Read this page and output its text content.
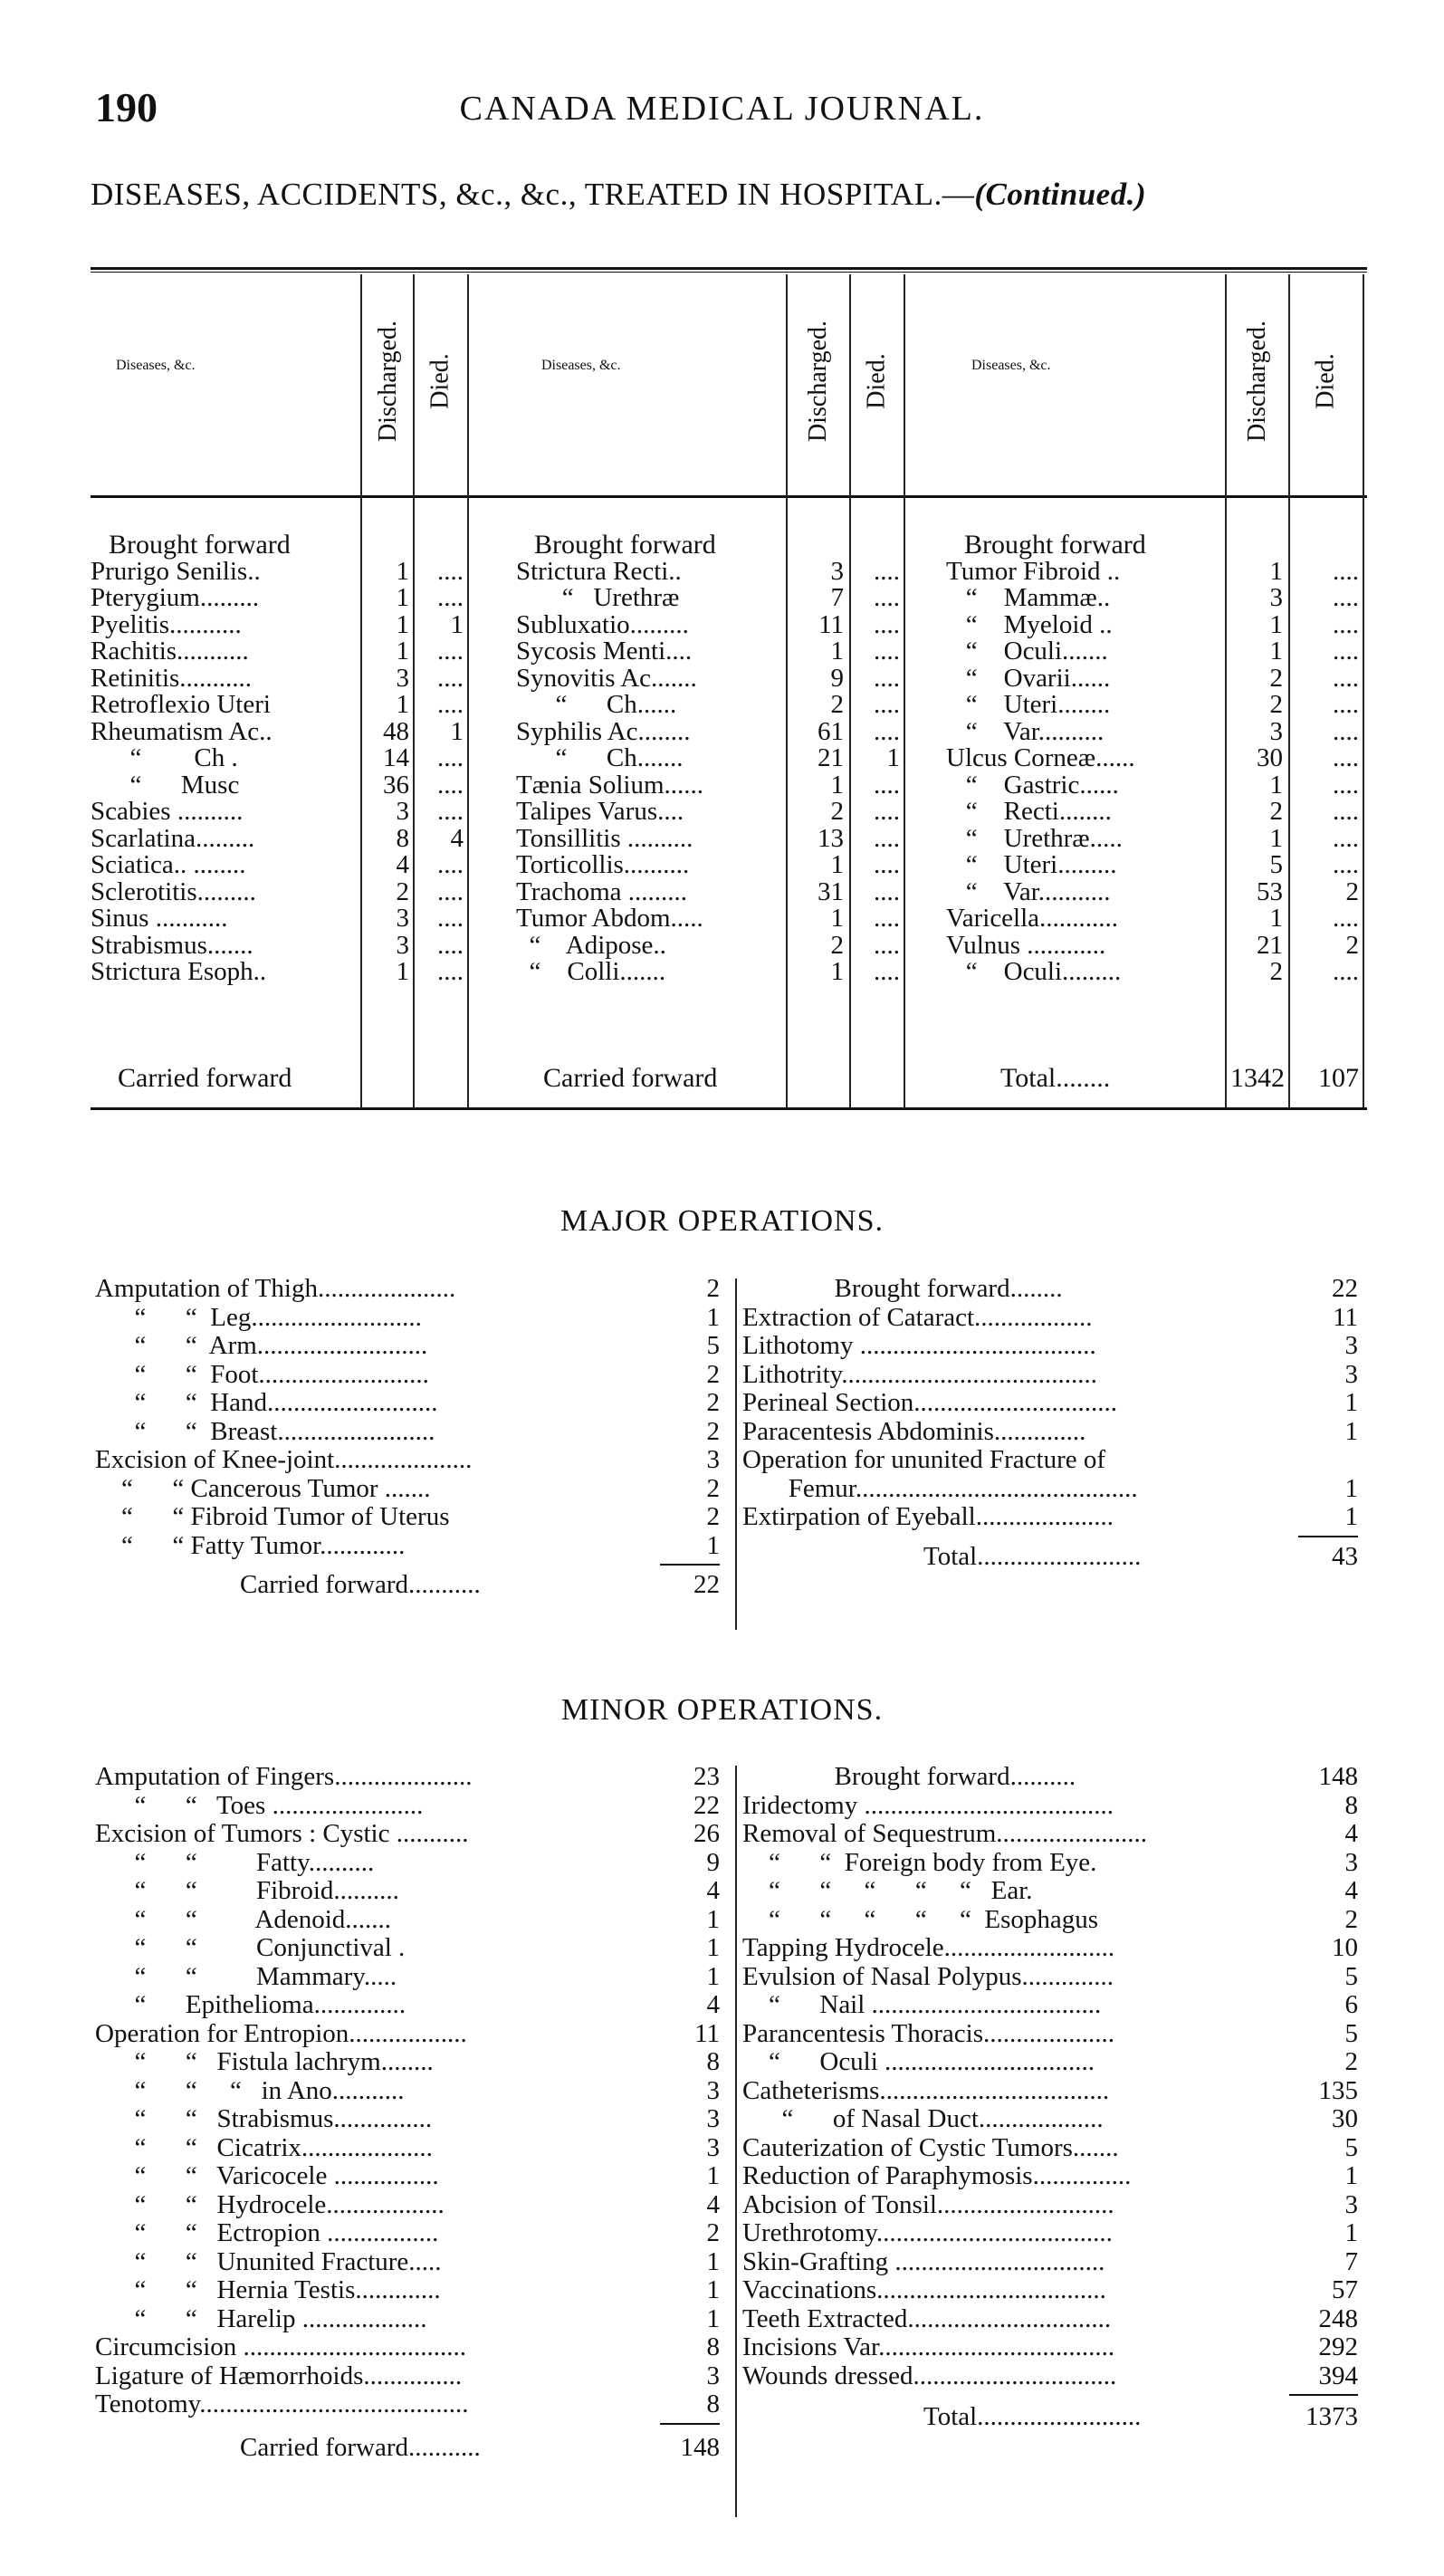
190	CANADA MEDICAL JOURNAL.
DISEASES, ACCIDENTS, &c., &c., TREATED IN HOSPITAL.—(Continued.)
Diseases, &c.	Discharged. Died.
Brought forward
Prurigo Senilis..	1	....
Pterygium.........	1	....
Pyelitis...........	1	1
Rachitis...........	1	....
Retinitis...........	3	....
Retroflexio Uteri	1	....
Rheumatism Ac..	48	1
“        Ch .	14	....
“      Musc	36	....
Scabies ..........	3	....
Scarlatina.........	8	4
Sciatica.. ........	4	....
Sclerotitis.........	2	....
Sinus ...........	3	....
Strabismus.......	3	....
Strictura Esoph..	1	....
Carried forward
Diseases, &c.	Discharged. Died.
Brought forward
Strictura Recti..	3	....
“   Urethræ	7	....
Subluxatio.........	11	....
Sycosis Menti....	1	....
Synovitis Ac.......	9	....
“      Ch......	2	....
Syphilis Ac........	61	....
“      Ch.......	21	1
Tænia Solium......	1	....
Talipes Varus....	2	....
Tonsillitis ..........	13	....
Torticollis..........	1	....
Trachoma .........	31	....
Tumor Abdom.....	1	....
“    Adipose..	2	....
“    Colli.......	1	....
Carried forward
Diseases, &c.	Discharged. Died.
Brought forward
Tumor Fibroid ..	1	....
“    Mammæ..	3	....
“    Myeloid ..	1	....
“    Oculi.......	1	....
“    Ovarii......	2	....
“    Uteri........	2	....
“    Var..........	3	....
Ulcus Corneæ......	30	....
“    Gastric......	1	....
“    Recti........	2	....
“    Urethræ.....	1	....
“    Uteri.........	5	....
“    Var...........	53	2
Varicella............	1	....
Vulnus ............	21	2
“    Oculi.........	2	....
Total........	1342	107
MAJOR OPERATIONS.
Amputation of Thigh.....................	2
“      “  Leg..........................	1
“      “  Arm..........................	5
“      “  Foot..........................	2
“      “  Hand..........................	2
“      “  Breast........................	2
Excision of Knee-joint.....................	3
“      “ Cancerous Tumor .......	2
“      “ Fibroid Tumor of Uterus	2
“      “ Fatty Tumor.............	1
Carried forward...........	22
Brought forward........	22
Extraction of Cataract..................	11
Lithotomy ....................................	3
Lithotrity.......................................	3
Perineal Section...............................	1
Paracentesis Abdominis..............	1
Operation for ununited Fracture of
Femur...........................................	1
Extirpation of Eyeball.....................	1
Total.........................	43
MINOR OPERATIONS.
Amputation of Fingers.....................	23
“      “   Toes .......................	22
Excision of Tumors : Cystic ...........	26
“      “         Fatty..........	9
“      “         Fibroid..........	4
“      “         Adenoid.......	1
“      “         Conjunctival .	1
“      “         Mammary.....	1
“      Epithelioma..............	4
Operation for Entropion..................	11
“      “   Fistula lachrym........	8
“      “     “   in Ano...........	3
“      “   Strabismus...............	3
“      “   Cicatrix....................	3
“      “   Varicocele ................	1
“      “   Hydrocele..................	4
“      “   Ectropion .................	2
“      “   Ununited Fracture.....	1
“      “   Hernia Testis.............	1
“      “   Harelip ...................	1
Circumcision ..................................	8
Ligature of Hæmorrhoids...............	3
Tenotomy.........................................	8
Carried forward...........	148
Brought forward..........	148
Iridectomy ......................................	8
Removal of Sequestrum.......................	4
“      “  Foreign body from Eye.	3
“      “     “      “     “   Ear.	4
“      “     “      “     “  Esophagus	2
Tapping Hydrocele..........................	10
Evulsion of Nasal Polypus..............	5
“      Nail ...................................	6
Parancentesis Thoracis....................	5
“      Oculi ................................	2
Catheterisms...................................	135
“      of Nasal Duct...................	30
Cauterization of Cystic Tumors.......	5
Reduction of Paraphymosis...............	1
Abcision of Tonsil...........................	3
Urethrotomy....................................	1
Skin-Grafting ................................	7
Vaccinations...................................	57
Teeth Extracted...............................	248
Incisions Var....................................	292
Wounds dressed...............................	394
Total.........................	1373
